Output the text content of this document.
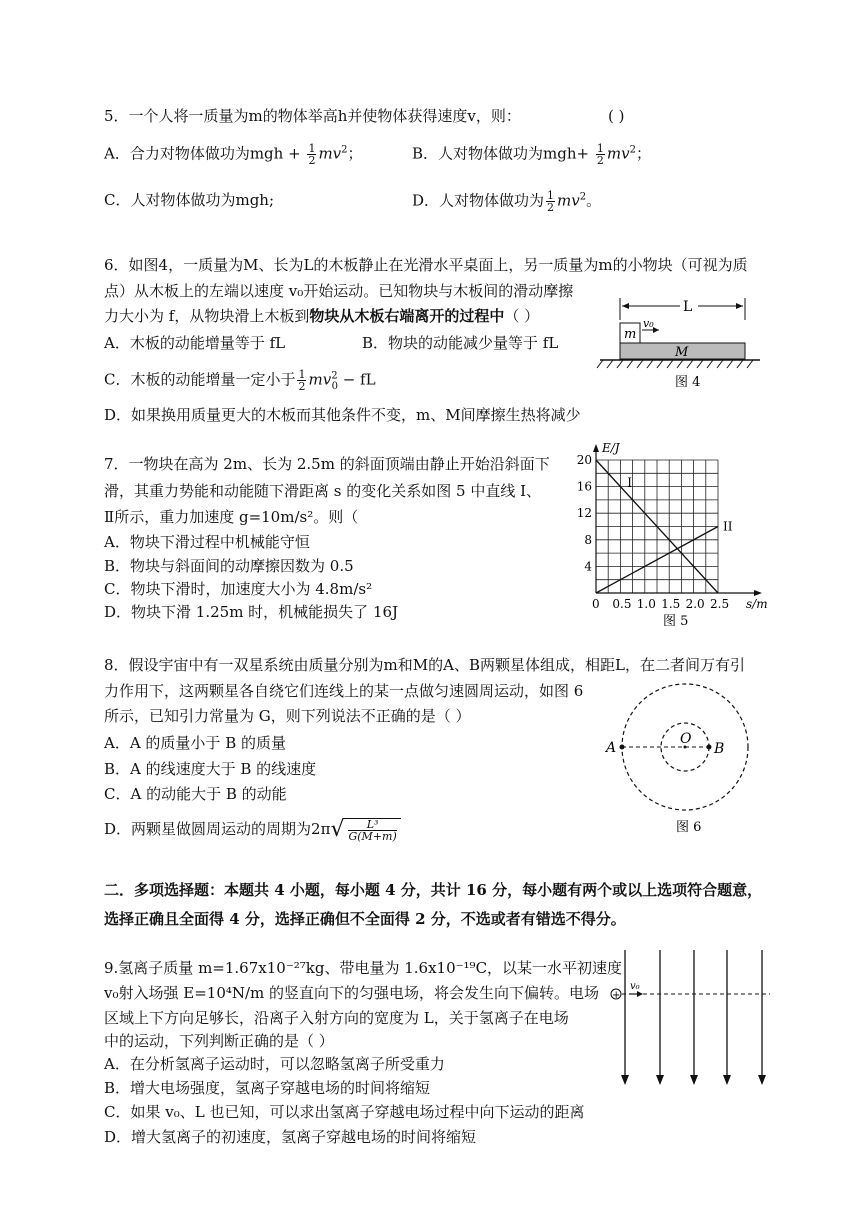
5．一个人将一质量为m的物体举高h并使物体获得速度v，则：	( )
A．合力对物体做功为mgh + $\frac{1}{2} mv^2$；	B．人对物体做功为$mgh+ \frac{1}{2} mv^2$；
C．人对物体做功为mgh;	D．人对物体做功为 $\frac{1}{2} mv^2$。
6．如图4，一质量为M、长为L的木板静止在光滑水平桌面上，另一质量为m的小物块（可视为质
点）从木板上的左端以速度 v₀开始运动。已知物块与木板间的滑动摩擦
力大小为 f，从物块滑上木板到物块从木板右端离开的过程中（ ）
A．木板的动能增量等于 fL	B．物块的动能减少量等于 fL
C．木板的动能增量一定小于 $\frac{1}{2} mv^2_0$ − fL
D．如果换用质量更大的木板而其他条件不变，m、M间摩擦生热将减少
L
m
v₀
M
图 4
7．一物块在高为 2m、长为 2.5m 的斜面顶端由静止开始沿斜面下
滑，其重力势能和动能随下滑距离 s 的变化关系如图 5 中直线 Ⅰ、
Ⅱ所示，重力加速度 g=10m/s²。则（
A．物块下滑过程中机械能守恒
B．物块与斜面间的动摩擦因数为 0.5
C．物块下滑时，加速度大小为 4.8m/s²
D．物块下滑 1.25m 时，机械能损失了 16J	0 0.5 1.0 1.5 2.0 2.5
4
8
12
16
20
I
II
E/J
s/m
图 5
8．假设宇宙中有一双星系统由质量分别为m和M的A、B两颗星体组成，相距L，在二者间万有引
力作用下，这两颗星各自绕它们连线上的某一点做匀速圆周运动，如图 6
所示，已知引力常量为 G，则下列说法不正确的是（ ）
A．A 的质量小于 B 的质量
B．A 的线速度大于 B 的线速度
C．A 的动能大于 B 的动能
D．两颗星做圆周运动的周期为$2\pi√ \frac{\text{L³}}{G(M+m)}$
A	B
O
图 6
二．多项选择题：本题共 4 小题，每小题 4 分，共计 16 分，每小题有两个或以上选项符合题意，
选择正确且全面得 4 分，选择正确但不全面得 2 分，不选或者有错选不得分。
9.氢离子质量 m=1.67x10⁻²⁷kg、带电量为 1.6x10⁻¹⁹C，以某一水平初速度
v₀射入场强 E=10⁴N/m 的竖直向下的匀强电场，将会发生向下偏转。电场
区域上下方向足够长，沿离子入射方向的宽度为 L，关于氢离子在电场
中的运动，下列判断正确的是（ ）
A．在分析氢离子运动时，可以忽略氢离子所受重力
B．增大电场强度，氢离子穿越电场的时间将缩短
C．如果 v₀、L 也已知，可以求出氢离子穿越电场过程中向下运动的距离
D．增大氢离子的初速度，氢离子穿越电场的时间将缩短
+
v₀
